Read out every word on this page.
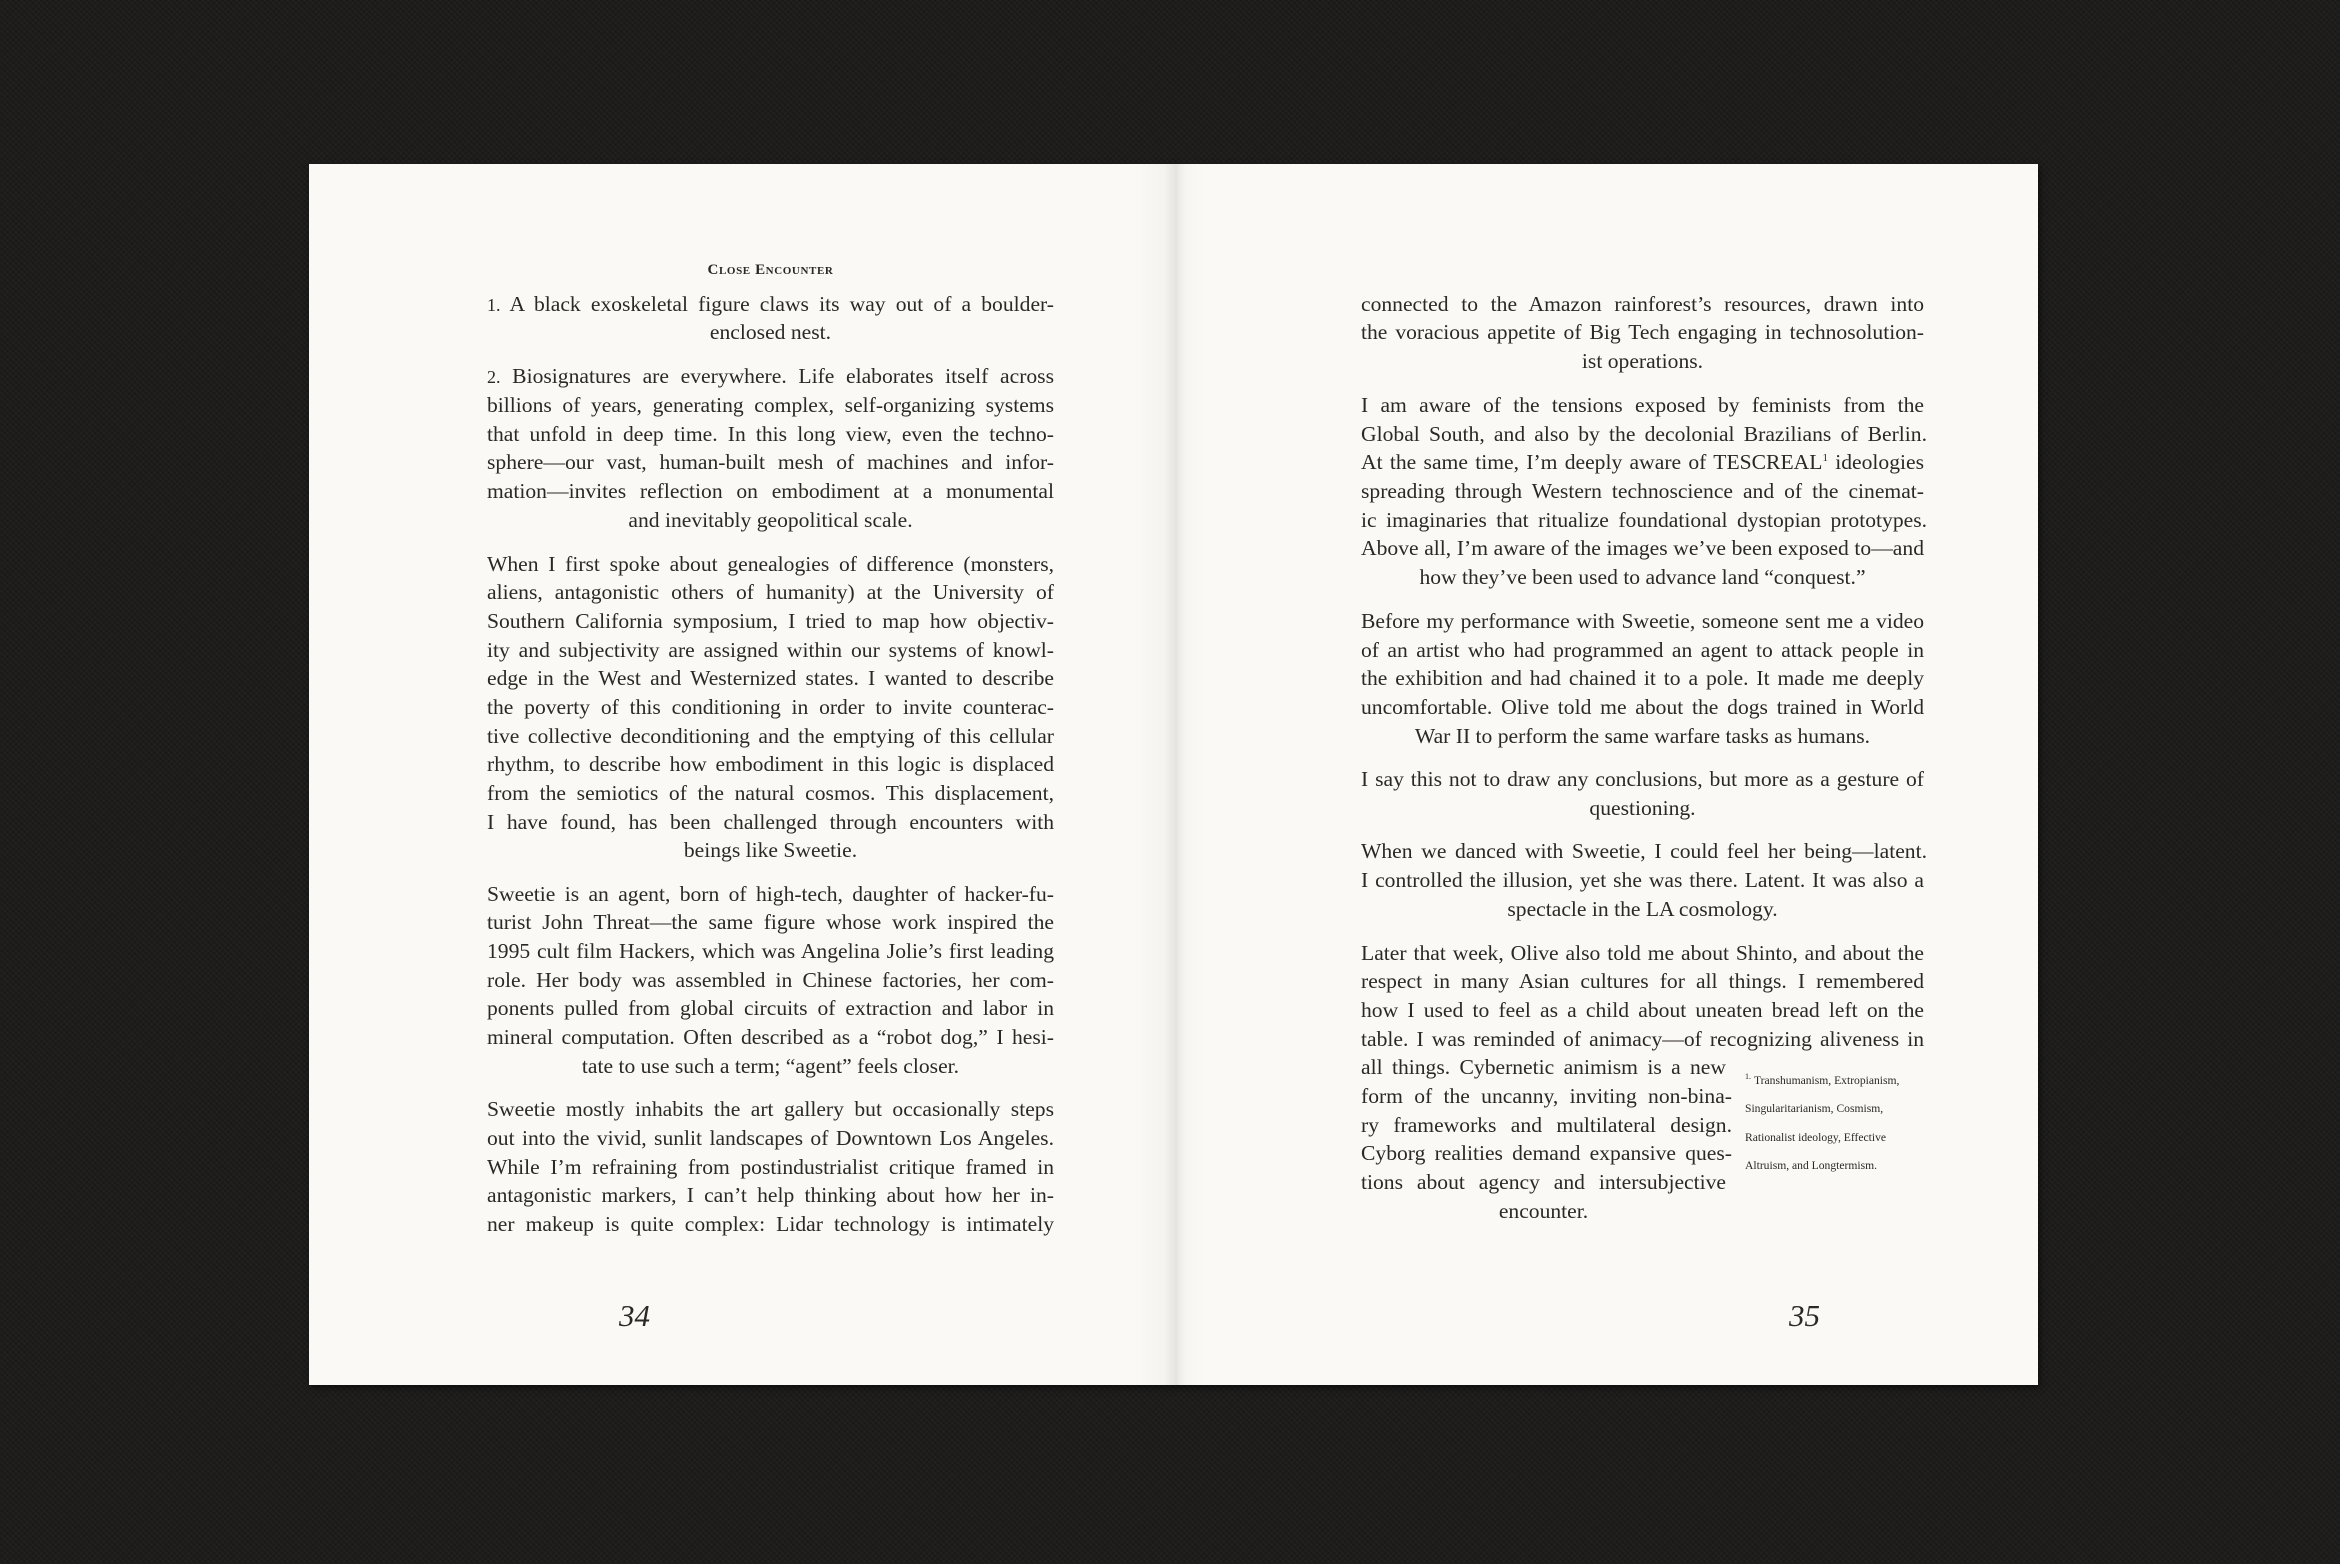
Close Encounter
1. A black exoskeletal figure claws its way out of a boulder-
enclosed nest.
2. Biosignatures are everywhere. Life elaborates itself across
billions of years, generating complex, self-organizing systems
that unfold in deep time. In this long view, even the techno-
sphere—our vast, human-built mesh of machines and infor-
mation—invites reflection on embodiment at a monumental
and inevitably geopolitical scale.
When I first spoke about genealogies of difference (monsters,
aliens, antagonistic others of humanity) at the University of
Southern California symposium, I tried to map how objectiv-
ity and subjectivity are assigned within our systems of knowl-
edge in the West and Westernized states. I wanted to describe
the poverty of this conditioning in order to invite counterac-
tive collective deconditioning and the emptying of this cellular
rhythm, to describe how embodiment in this logic is displaced
from the semiotics of the natural cosmos. This displacement,
I have found, has been challenged through encounters with
beings like Sweetie.
Sweetie is an agent, born of high-tech, daughter of hacker-fu-
turist John Threat—the same figure whose work inspired the
1995 cult film Hackers, which was Angelina Jolie’s first leading
role. Her body was assembled in Chinese factories, her com-
ponents pulled from global circuits of extraction and labor in
mineral computation. Often described as a “robot dog,” I hesi-
tate to use such a term; “agent” feels closer.
Sweetie mostly inhabits the art gallery but occasionally steps
out into the vivid, sunlit landscapes of Downtown Los Angeles.
While I’m refraining from postindustrialist critique framed in
antagonistic markers, I can’t help thinking about how her in-
ner makeup is quite complex: Lidar technology is intimately
34
connected to the Amazon rainforest’s resources, drawn into
the voracious appetite of Big Tech engaging in technosolution-
ist operations.
I am aware of the tensions exposed by feminists from the
Global South, and also by the decolonial Brazilians of Berlin.
At the same time, I’m deeply aware of TESCREAL$^1$ ideologies
spreading through Western technoscience and of the cinemat-
ic imaginaries that ritualize foundational dystopian prototypes.
Above all, I’m aware of the images we’ve been exposed to—and
how they’ve been used to advance land “conquest.”
Before my performance with Sweetie, someone sent me a video
of an artist who had programmed an agent to attack people in
the exhibition and had chained it to a pole. It made me deeply
uncomfortable. Olive told me about the dogs trained in World
War II to perform the same warfare tasks as humans.
I say this not to draw any conclusions, but more as a gesture of
questioning.
When we danced with Sweetie, I could feel her being—latent.
I controlled the illusion, yet she was there. Latent. It was also a
spectacle in the LA cosmology.
Later that week, Olive also told me about Shinto, and about the
respect in many Asian cultures for all things. I remembered
how I used to feel as a child about uneaten bread left on the
table. I was reminded of animacy—of recognizing aliveness in
all things. Cybernetic animism is a new
form of the uncanny, inviting non-bina-
ry frameworks and multilateral design.
Cyborg realities demand expansive ques-
tions about agency and intersubjective
encounter.
$^{1.}$ Transhumanism, Extropianism,
Singularitarianism, Cosmism,
Rationalist ideology, Effective
Altruism, and Longtermism.
35
